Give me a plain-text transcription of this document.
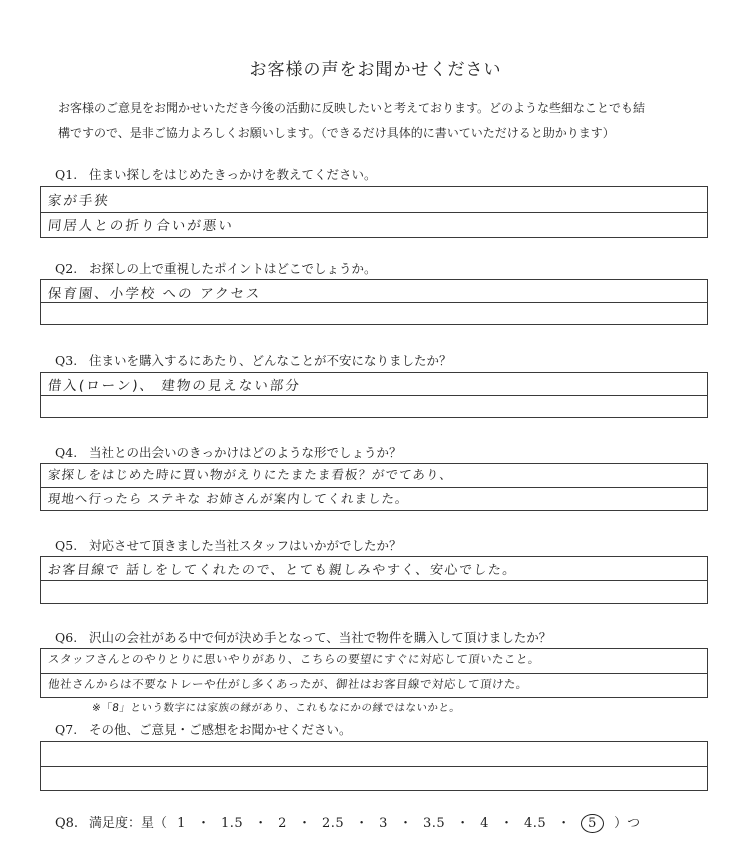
お客様の声をお聞かせください
お客様のご意見をお聞かせいただき今後の活動に反映したいと考えております。どのような些細なことでも結
構ですので、是非ご協力よろしくお願いします。（できるだけ具体的に書いていただけると助かります）
Q1. 住まい探しをはじめたきっかけを教えてください。
家が手狭
同居人との折り合いが悪い
Q2. お探しの上で重視したポイントはどこでしょうか。
保育園、小学校 への アクセス
Q3. 住まいを購入するにあたり、どんなことが不安になりましたか？
借入(ローン)、 建物の見えない部分
Q4. 当社との出会いのきっかけはどのような形でしょうか？
家探しをはじめた時に買い物がえりにたまたま看板？がでてあり、
現地へ行ったら ステキな お姉さんが案内してくれました。
Q5. 対応させて頂きました当社スタッフはいかがでしたか？
お客目線で 話しをしてくれたので、とても親しみやすく、安心でした。
Q6. 沢山の会社がある中で何が決め手となって、当社で物件を購入して頂けましたか？
スタッフさんとのやりとりに思いやりがあり、こちらの要望にすぐに対応して頂いたこと。
他社さんからは不要なトレーや仕がし多くあったが、御社はお客目線で対応して頂けた。
※「8」という数字には家族の縁があり、これもなにかの縁ではないかと。
Q7. その他、ご意見・ご感想をお聞かせください。
Q8. 満足度：星（ 1 ・ 1.5 ・ 2 ・ 2.5 ・ 3 ・ 3.5 ・ 4 ・ 4.5 ・ 5 ）つ
